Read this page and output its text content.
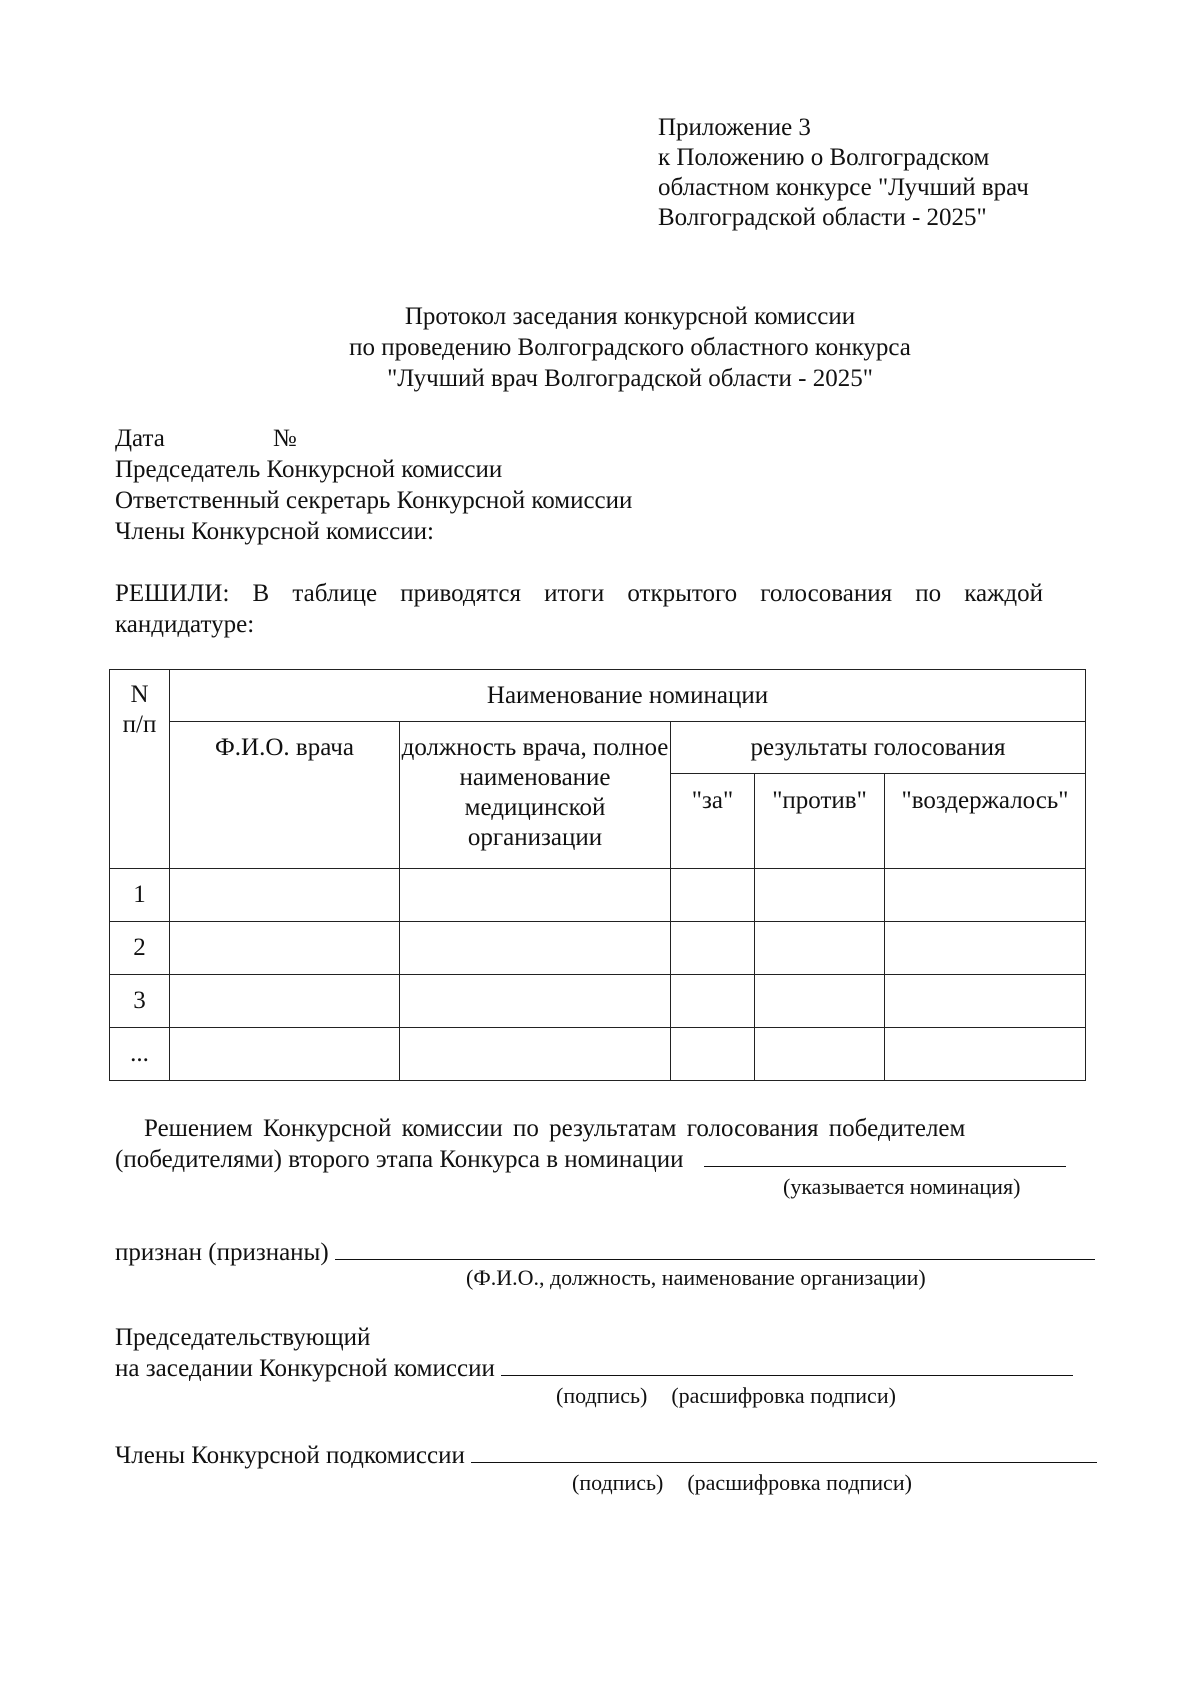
Приложение 3
к Положению о Волгоградском
областном конкурсе "Лучший врач
Волгоградской области - 2025"
Протокол заседания конкурсной комиссии
по проведению Волгоградского областного конкурса
"Лучший врач Волгоградской области - 2025"
Дата	№
Председатель Конкурсной комиссии
Ответственный секретарь Конкурсной комиссии
Члены Конкурсной комиссии:
РЕШИЛИ: В таблице приводятся итоги открытого голосования по каждой
кандидатуре:
N
п/п	Наименование номинации				
	Ф.И.О. врача	должность врача, полное наименование медицинской организации	результаты голосования		
			"за"	"против"	"воздержалось"
1					
2					
3					
...					
Решением Конкурсной комиссии по результатам голосования победителем
(победителями) второго этапа Конкурса в номинации
(указывается номинация)
признан (признаны)
(Ф.И.О., должность, наименование организации)
Председательствующий
на заседании Конкурсной комиссии
(подпись) (расшифровка подписи)
Члены Конкурсной подкомиссии
(подпись) (расшифровка подписи)
